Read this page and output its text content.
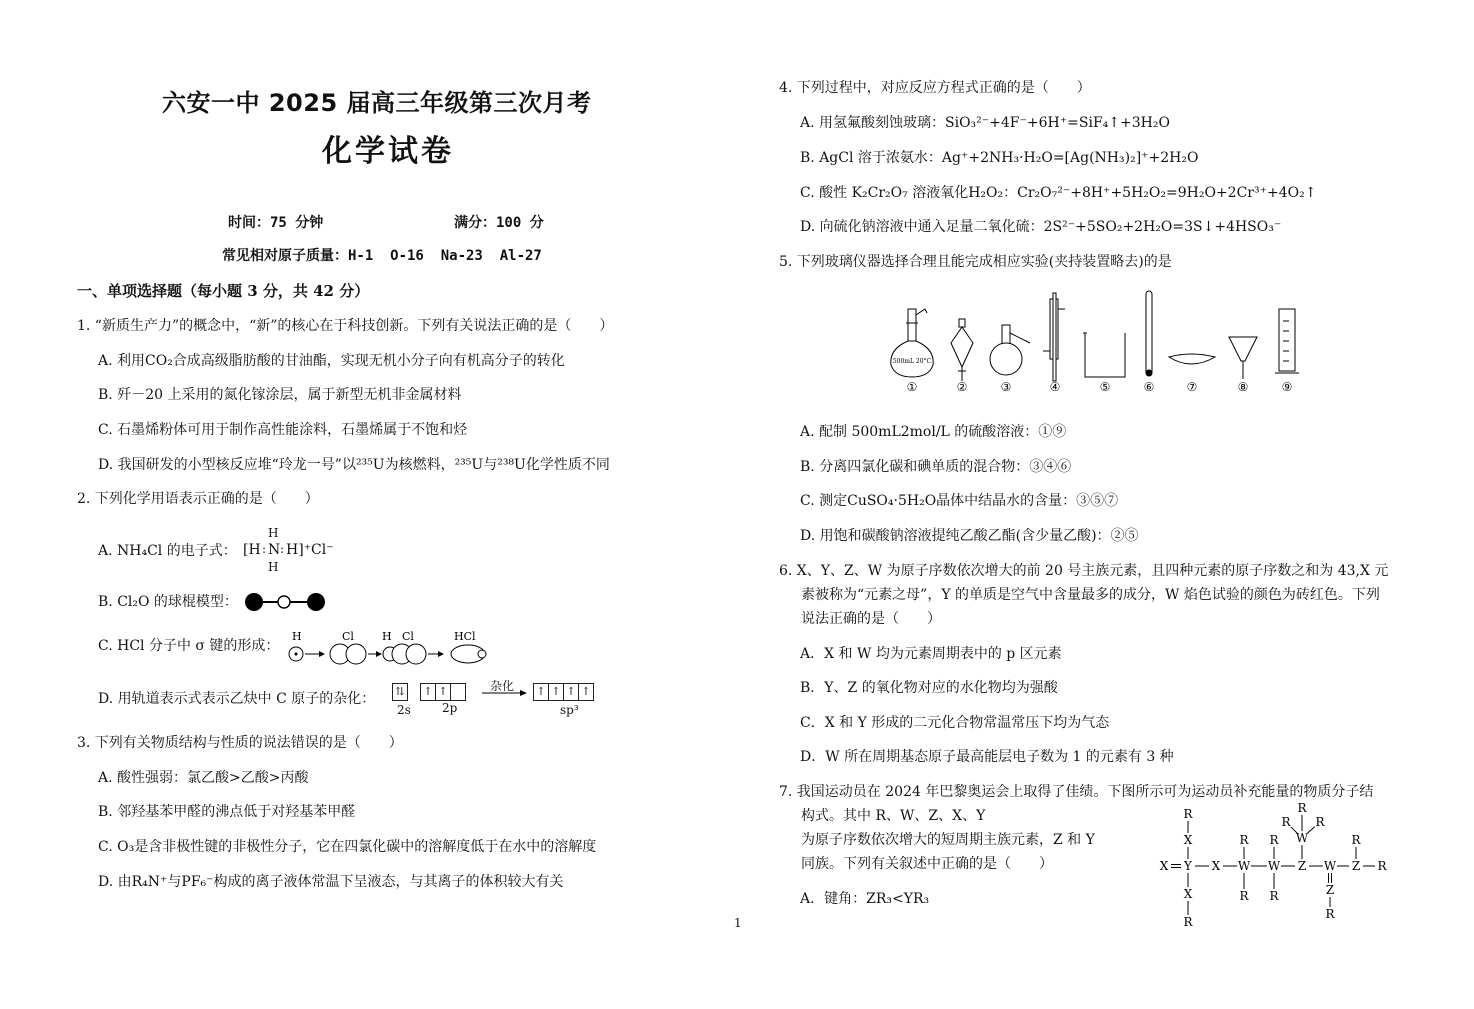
六安一中 2025 届高三年级第三次月考
化学试卷
时间：75 分钟	满分：100 分
常见相对原子质量：H-1  O-16  Na-23  Al-27
一、单项选择题（每小题 3 分，共 42 分）
1. “新质生产力”的概念中，“新”的核心在于科技创新。下列有关说法正确的是（　　）
A. 利用CO₂合成高级脂肪酸的甘油酯，实现无机小分子向有机高分子的转化
B. 歼－20 上采用的氮化镓涂层，属于新型无机非金属材料
C. 石墨烯粉体可用于制作高性能涂料，石墨烯属于不饱和烃
D. 我国研发的小型核反应堆“玲龙一号”以²³⁵U为核燃料，²³⁵U与²³⁸U化学性质不同
2. 下列化学用语表示正确的是（　　）
A. NH₄Cl 的电子式：
H
[H : N : H]⁺Cl⁻
H
B. Cl₂O 的球棍模型：
C. HCl 分子中 σ 键的形成：
H	Cl	H Cl	HCl
D. 用轨道表示式表示乙炔中 C 原子的杂化：	⇅
2s
↑ ↑
2p
杂化	↑ ↑ ↑ ↑
sp³
3. 下列有关物质结构与性质的说法错误的是（　　）
A. 酸性强弱：氯乙酸>乙酸>丙酸
B. 邻羟基苯甲醛的沸点低于对羟基苯甲醛
C. O₃是含非极性键的非极性分子，它在四氯化碳中的溶解度低于在水中的溶解度
D. 由R₄N⁺与PF₆⁻构成的离子液体常温下呈液态，与其离子的体积较大有关
1
4. 下列过程中，对应反应方程式正确的是（　　）
A. 用氢氟酸刻蚀玻璃：SiO₃²⁻+4F⁻+6H⁺=SiF₄↑+3H₂O
B. AgCl 溶于浓氨水：Ag⁺+2NH₃·H₂O=[Ag(NH₃)₂]⁺+2H₂O
C. 酸性 K₂Cr₂O₇ 溶液氧化H₂O₂：Cr₂O₇²⁻+8H⁺+5H₂O₂=9H₂O+2Cr³⁺+4O₂↑
D. 向硫化钠溶液中通入足量二氧化硫：2S²⁻+5SO₂+2H₂O=3S↓+4HSO₃⁻
5. 下列玻璃仪器选择合理且能完成相应实验(夹持装置略去)的是
500mL 20°C
①	②	③	④	⑤	⑥	⑦	⑧	⑨
A. 配制 500mL2mol/L 的硫酸溶液：①⑨
B. 分离四氯化碳和碘单质的混合物：③④⑥
C. 测定CuSO₄·5H₂O晶体中结晶水的含量：③⑤⑦
D. 用饱和碳酸钠溶液提纯乙酸乙酯(含少量乙酸)：②⑤
6. X、Y、Z、W 为原子序数依次增大的前 20 号主族元素，且四种元素的原子序数之和为 43,X 元
素被称为“元素之母”，Y 的单质是空气中含量最多的成分，W 焰色试验的颜色为砖红色。下列
说法正确的是（　　）
A．X 和 W 均为元素周期表中的 p 区元素
B．Y、Z 的氧化物对应的水化物均为强酸
C．X 和 Y 形成的二元化合物常温常压下均为气态
D．W 所在周期基态原子最高能层电子数为 1 的元素有 3 种
7. 我国运动员在 2024 年巴黎奥运会上取得了佳绩。下图所示可为运动员补充能量的物质分子结
构式。其中 R、W、Z、X、Y
为原子序数依次增大的短周期主族元素，Z 和 Y
同族。下列有关叙述中正确的是（　　）
A．键角：ZR₃<YR₃
X Y X W W Z W Z R
X
R
X
R
R
R
R
R
W
R R
R
R
Z
R
